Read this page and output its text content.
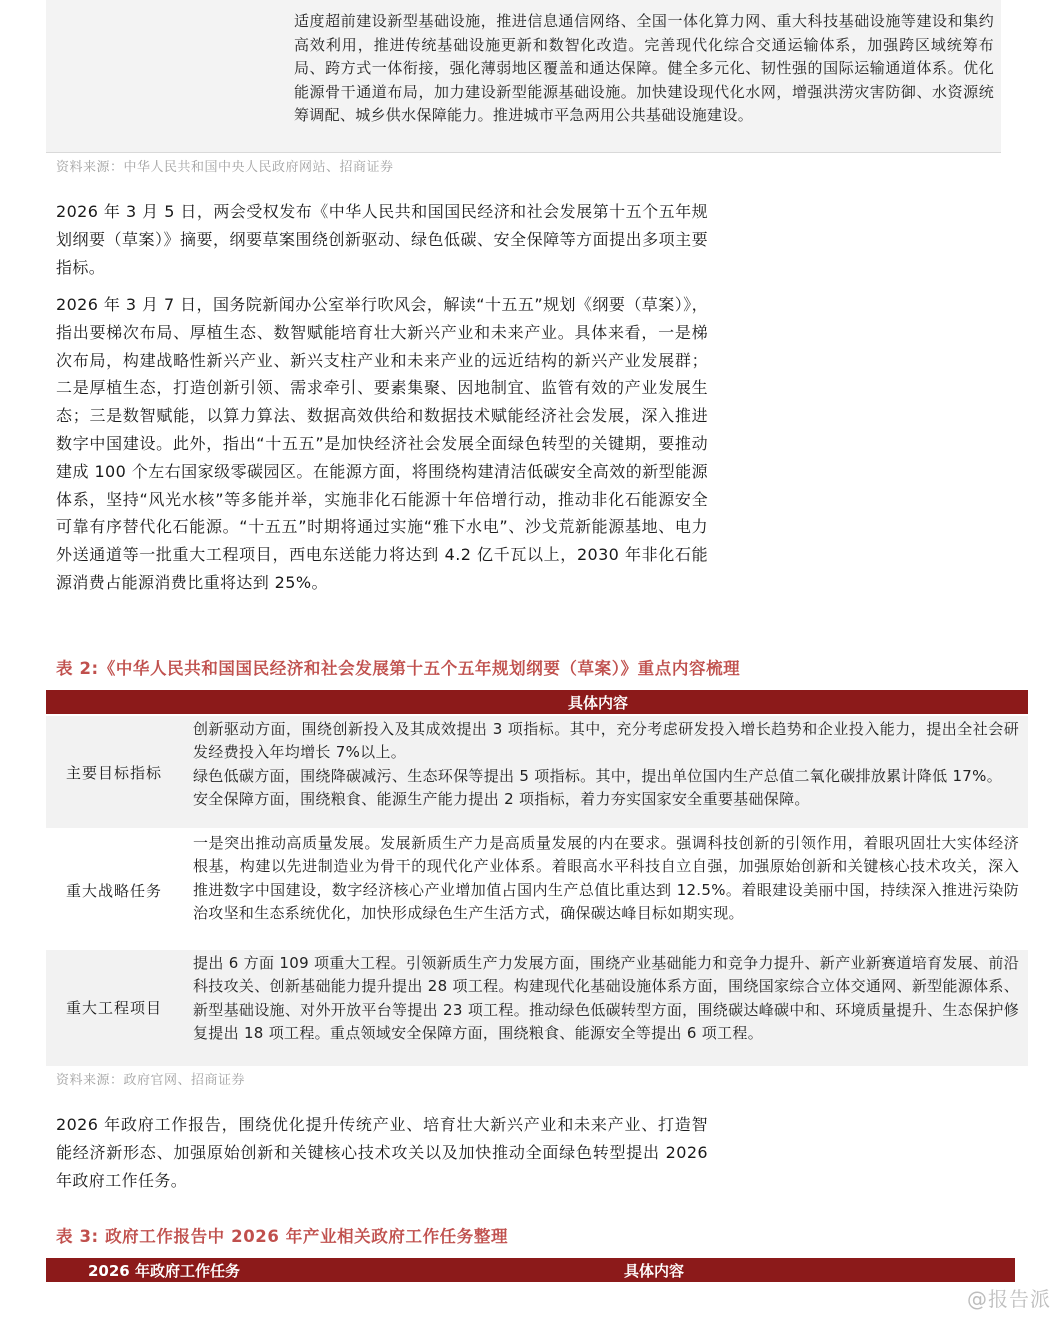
适度超前建设新型基础设施，推进信息通信网络、全国一体化算力网、重大科技基础设施等建设和集约高效利用，推进传统基础设施更新和数智化改造。完善现代化综合交通运输体系，加强跨区域统筹布局、跨方式一体衔接，强化薄弱地区覆盖和通达保障。健全多元化、韧性强的国际运输通道体系。优化能源骨干通道布局，加力建设新型能源基础设施。加快建设现代化水网，增强洪涝灾害防御、水资源统筹调配、城乡供水保障能力。推进城市平急两用公共基础设施建设。
资料来源：中华人民共和国中央人民政府网站、招商证券

2026 年 3 月 5 日，两会受权发布《中华人民共和国国民经济和社会发展第十五个五年规划纲要（草案）》摘要，纲要草案围绕创新驱动、绿色低碳、安全保障等方面提出多项主要指标。

2026 年 3 月 7 日，国务院新闻办公室举行吹风会，解读“十五五”规划《纲要（草案）》，指出要梯次布局、厚植生态、数智赋能培育壮大新兴产业和未来产业。具体来看，一是梯次布局，构建战略性新兴产业、新兴支柱产业和未来产业的远近结构的新兴产业发展群；二是厚植生态，打造创新引领、需求牵引、要素集聚、因地制宜、监管有效的产业发展生态；三是数智赋能，以算力算法、数据高效供给和数据技术赋能经济社会发展，深入推进数字中国建设。此外，指出“十五五”是加快经济社会发展全面绿色转型的关键期，要推动建成 100 个左右国家级零碳园区。在能源方面，将围绕构建清洁低碳安全高效的新型能源体系，坚持“风光水核”等多能并举，实施非化石能源十年倍增行动，推动非化石能源安全可靠有序替代化石能源。“十五五”时期将通过实施“雅下水电”、沙戈荒新能源基地、电力外送通道等一批重大工程项目，西电东送能力将达到 4.2 亿千瓦以上，2030 年非化石能源消费占能源消费比重将达到 25%。

表 2:《中华人民共和国国民经济和社会发展第十五个五年规划纲要（草案）》重点内容梳理
具体内容
主要目标指标
创新驱动方面，围绕创新投入及其成效提出 3 项指标。其中，充分考虑研发投入增长趋势和企业投入能力，提出全社会研发经费投入年均增长 7%以上。
绿色低碳方面，围绕降碳减污、生态环保等提出 5 项指标。其中，提出单位国内生产总值二氧化碳排放累计降低 17%。
安全保障方面，围绕粮食、能源生产能力提出 2 项指标，着力夯实国家安全重要基础保障。
重大战略任务
一是突出推动高质量发展。发展新质生产力是高质量发展的内在要求。强调科技创新的引领作用，着眼巩固壮大实体经济根基，构建以先进制造业为骨干的现代化产业体系。着眼高水平科技自立自强，加强原始创新和关键核心技术攻关，深入推进数字中国建设，数字经济核心产业增加值占国内生产总值比重达到 12.5%。着眼建设美丽中国，持续深入推进污染防治攻坚和生态系统优化，加快形成绿色生产生活方式，确保碳达峰目标如期实现。
重大工程项目
提出 6 方面 109 项重大工程。引领新质生产力发展方面，围绕产业基础能力和竞争力提升、新产业新赛道培育发展、前沿科技攻关、创新基础能力提升提出 28 项工程。构建现代化基础设施体系方面，围绕国家综合立体交通网、新型能源体系、新型基础设施、对外开放平台等提出 23 项工程。推动绿色低碳转型方面，围绕碳达峰碳中和、环境质量提升、生态保护修复提出 18 项工程。重点领域安全保障方面，围绕粮食、能源安全等提出 6 项工程。
资料来源：政府官网、招商证券

2026 年政府工作报告，围绕优化提升传统产业、培育壮大新兴产业和未来产业、打造智能经济新形态、加强原始创新和关键核心技术攻关以及加快推动全面绿色转型提出 2026 年政府工作任务。

表 3: 政府工作报告中 2026 年产业相关政府工作任务整理
2026 年政府工作任务	具体内容
@报告派
